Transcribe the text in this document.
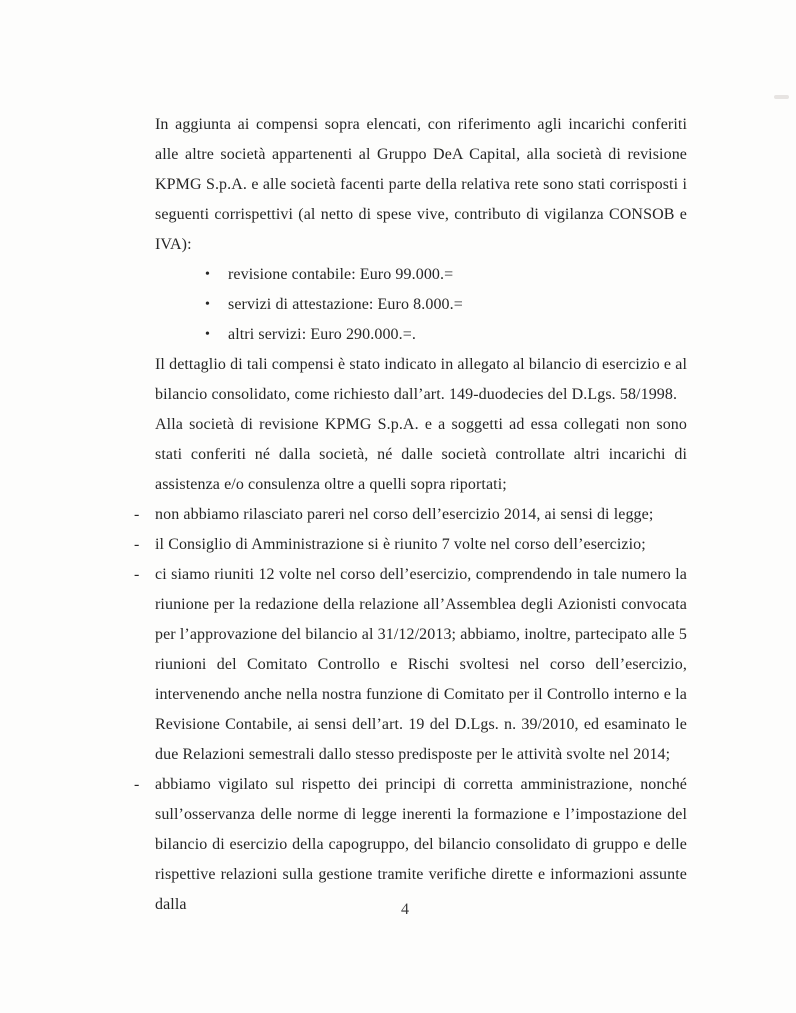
In aggiunta ai compensi sopra elencati, con riferimento agli incarichi conferiti alle altre società appartenenti al Gruppo DeA Capital, alla società di revisione KPMG S.p.A. e alle società facenti parte della relativa rete sono stati corrisposti i seguenti corrispettivi (al netto di spese vive, contributo di vigilanza CONSOB e IVA):

• revisione contabile: Euro 99.000.=
• servizi di attestazione: Euro 8.000.=
• altri servizi: Euro 290.000.=.

Il dettaglio di tali compensi è stato indicato in allegato al bilancio di esercizio e al bilancio consolidato, come richiesto dall’art. 149-duodecies del D.Lgs. 58/1998.

Alla società di revisione KPMG S.p.A. e a soggetti ad essa collegati non sono stati conferiti né dalla società, né dalle società controllate altri incarichi di assistenza e/o consulenza oltre a quelli sopra riportati;

- non abbiamo rilasciato pareri nel corso dell’esercizio 2014, ai sensi di legge;
- il Consiglio di Amministrazione si è riunito 7 volte nel corso dell’esercizio;
- ci siamo riuniti 12 volte nel corso dell’esercizio, comprendendo in tale numero la riunione per la redazione della relazione all’Assemblea degli Azionisti convocata per l’approvazione del bilancio al 31/12/2013; abbiamo, inoltre, partecipato alle 5 riunioni del Comitato Controllo e Rischi svoltesi nel corso dell’esercizio, intervenendo anche nella nostra funzione di Comitato per il Controllo interno e la Revisione Contabile, ai sensi dell’art. 19 del D.Lgs. n. 39/2010, ed esaminato le due Relazioni semestrali dallo stesso predisposte per le attività svolte nel 2014;
- abbiamo vigilato sul rispetto dei principi di corretta amministrazione, nonché sull’osservanza delle norme di legge inerenti la formazione e l’impostazione del bilancio di esercizio della capogruppo, del bilancio consolidato di gruppo e delle rispettive relazioni sulla gestione tramite verifiche dirette e informazioni assunte dalla	4
